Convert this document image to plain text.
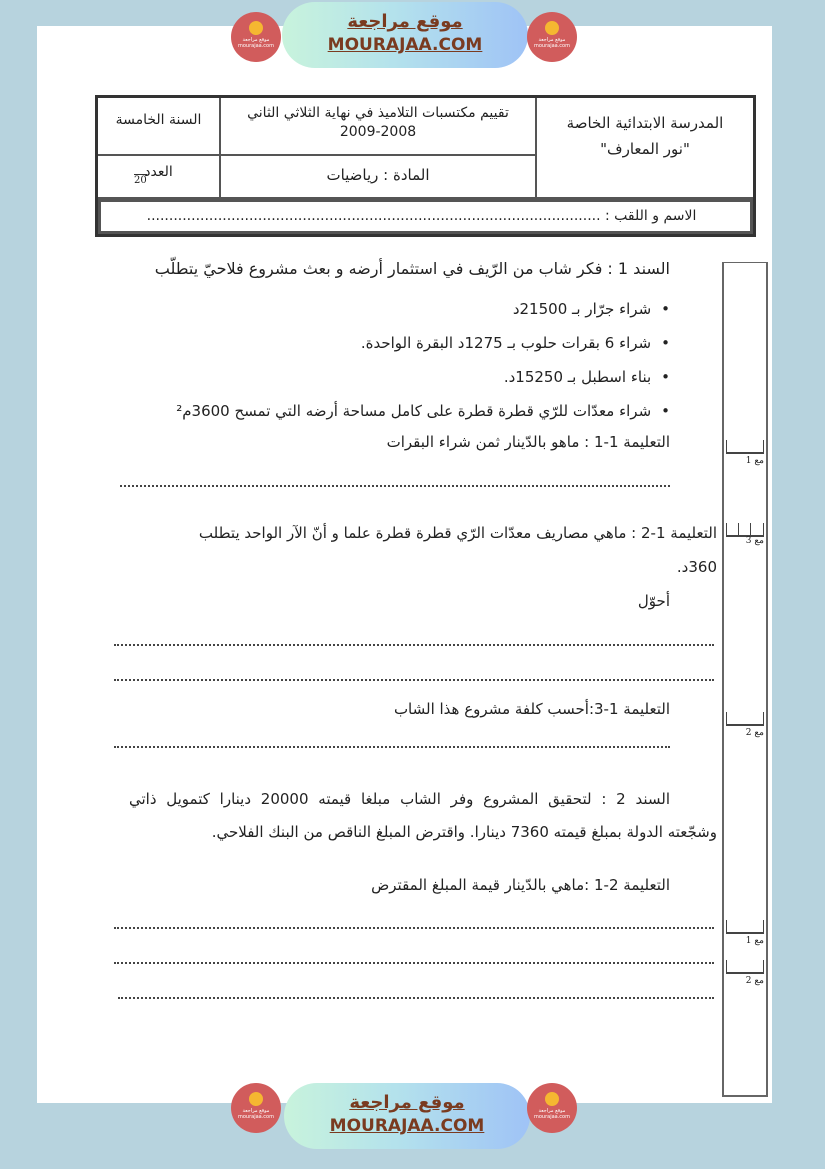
موقع مراجعة mourajaa.com
موقع مراجعة
MOURAJAA.COM	موقع مراجعة mourajaa.com
المدرسة الابتدائية الخاصة
"نور المعارف"
تقييم مكتسبات التلاميذ في نهاية الثلاثي الثاني
2009-2008
السنة الخامسة
المادة : رياضيات
العدد
20
الاسم و اللقب : ......................................................................................................
السند 1 : فكر شاب من الرّيف في استثمار أرضه و بعث مشروع فلاحيّ يتطلّب
• شراء جرّار بـ 21500د
• شراء 6 بقرات حلوب بـ 1275د البقرة الواحدة.
• بناء اسطبل بـ 15250د.
• شراء معدّات للرّي قطرة قطرة على كامل مساحة أرضه التي تمسح 3600م²
التعليمة 1-1 : ماهو بالدّينار ثمن شراء البقرات
التعليمة 1-2 : ماهي مصاريف معدّات الرّي قطرة قطرة علما و أنّ الآر الواحد يتطلب
360د.
أحوّل
التعليمة 1-3:أحسب كلفة مشروع هذا الشاب
السند 2 : لتحقيق المشروع وفر الشاب مبلغا قيمته 20000 دينارا كتمويل ذاتي
وشجّعته الدولة بمبلغ قيمته 7360 دينارا. واقترض المبلغ الناقص من البنك الفلاحي.
التعليمة 2-1 :ماهي بالدّينار قيمة المبلغ المقترض
مع 1
مع 3
مع 2
مع 1
مع 2
موقع مراجعة mourajaa.com
موقع مراجعة
MOURAJAA.COM
موقع مراجعة mourajaa.com
